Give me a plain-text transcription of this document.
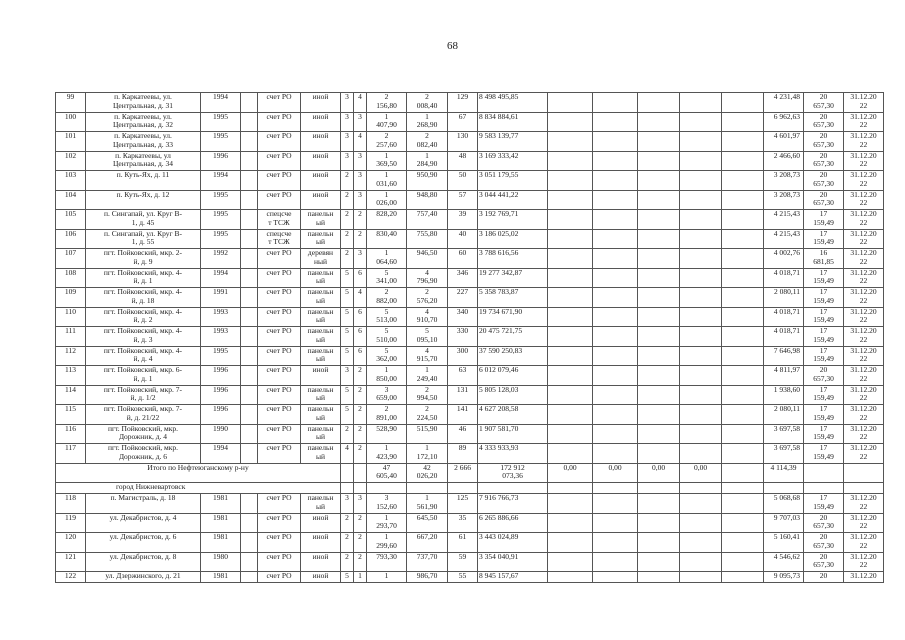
68
99	п. Каркатеевы, ул.
Центральная, д. 31	1994		счет РО	иной	3	4	2
156,80	2
008,40	129	8 498 495,85						4 231,48	20
657,30	31.12.20
22
100	п. Каркатеевы, ул.
Центральная, д. 32	1995		счет РО	иной	3	3	1
407,90	1
268,90	67	8 834 884,61						6 962,63	20
657,30	31.12.20
22
101	п. Каркатеевы, ул.
Центральная, д. 33	1995		счет РО	иной	3	4	2
257,60	2
082,40	130	9 583 139,77						4 601,97	20
657,30	31.12.20
22
102	п. Каркатеевы, ул
Центральная, д. 34	1996		счет РО	иной	3	3	1
369,50	1
284,90	48	3 169 333,42						2 466,60	20
657,30	31.12.20
22
103	п. Куть-Ях, д. 11	1994		счет РО	иной	2	3	1
031,60	950,90	50	3 051 179,55						3 208,73	20
657,30	31.12.20
22
104	п. Куть-Ях, д. 12	1995		счет РО	иной	2	3	1
026,00	948,80	57	3 044 441,22						3 208,73	20
657,30	31.12.20
22
105	п. Сингапай, ул. Круг В-
1, д. 45	1995		спецсче
т ТСЖ	панельн
ый	2	2	828,20	757,40	39	3 192 769,71						4 215,43	17
159,49	31.12.20
22
106	п. Сингапай, ул. Круг В-
1, д. 55	1995		спецсче
т ТСЖ	панельн
ый	2	2	830,40	755,80	40	3 186 025,02						4 215,43	17
159,49	31.12.20
22
107	пгт. Пойковский, мкр. 2-
й, д. 9	1992		счет РО	деревян
ный	2	3	1
064,60	946,50	60	3 788 616,56						4 002,76	16
681,85	31.12.20
22
108	пгт. Пойковский, мкр. 4-
й, д. 1	1994		счет РО	панельн
ый	5	6	5
341,00	4
796,90	346	19 277 342,87						4 018,71	17
159,49	31.12.20
22
109	пгт. Пойковский, мкр. 4-
й, д. 18	1991		счет РО	панельн
ый	5	4	2
882,00	2
576,20	227	5 358 783,87						2 080,11	17
159,49	31.12.20
22
110	пгт. Пойковский, мкр. 4-
й, д. 2	1993		счет РО	панельн
ый	5	6	5
513,00	4
910,70	340	19 734 671,90						4 018,71	17
159,49	31.12.20
22
111	пгт. Пойковский, мкр. 4-
й, д. 3	1993		счет РО	панельн
ый	5	6	5
510,00	5
095,10	330	20 475 721,75						4 018,71	17
159,49	31.12.20
22
112	пгт. Пойковский, мкр. 4-
й, д. 4	1995		счет РО	панельн
ый	5	6	5
362,00	4
915,70	300	37 590 250,83						7 646,98	17
159,49	31.12.20
22
113	пгт. Пойковский, мкр. 6-
й, д. 1	1996		счет РО	иной	3	2	1
850,00	1
249,40	63	6 012 079,46						4 811,97	20
657,30	31.12.20
22
114	пгт. Пойковский, мкр. 7-
й, д. 1/2	1996		счет РО	панельн
ый	5	2	3
659,00	2
994,50	131	5 805 128,03						1 938,60	17
159,49	31.12.20
22
115	пгт. Пойковский, мкр. 7-
й, д. 21/22	1996		счет РО	панельн
ый	5	2	2
891,00	2
224,50	141	4 627 208,58						2 080,11	17
159,49	31.12.20
22
116	пгт. Пойковский, мкр.
Дорожник, д. 4	1990		счет РО	панельн
ый	2	2	528,90	515,90	46	1 907 581,70						3 697,58	17
159,49	31.12.20
22
117	пгт. Пойковский, мкр.
Дорожник, д. 6	1994		счет РО	панельн
ый	4	2	1
423,90	1
172,10	89	4 333 933,93						3 697,58	17
159,49	31.12.20
22
Итого по Нефтеюганскому р-ну								47
605,40	42
026,20	2 666	172 912
073,36	0,00	0,00	0,00	0,00		4 114,39		
город Нижневартовск																			
118	п. Магистраль, д. 18	1981		счет РО	панельн
ый	3	3	3
152,60	1
561,90	125	7 916 766,73						5 068,68	17
159,49	31.12.20
22
119	ул. Декабристов, д. 4	1981		счет РО	иной	2	2	1
293,70	645,50	35	6 265 886,66						9 707,03	20
657,30	31.12.20
22
120	ул. Декабристов, д. 6	1981		счет РО	иной	2	2	1
299,60	667,20	61	3 443 024,89						5 160,41	20
657,30	31.12.20
22
121	ул. Декабристов, д. 8	1980		счет РО	иной	2	2	793,30	737,70	59	3 354 040,91						4 546,62	20
657,30	31.12.20
22
122	ул. Дзержинского, д. 21	1981		счет РО	иной	5	1	1	986,70	55	8 945 157,67						9 095,73	20	31.12.20
